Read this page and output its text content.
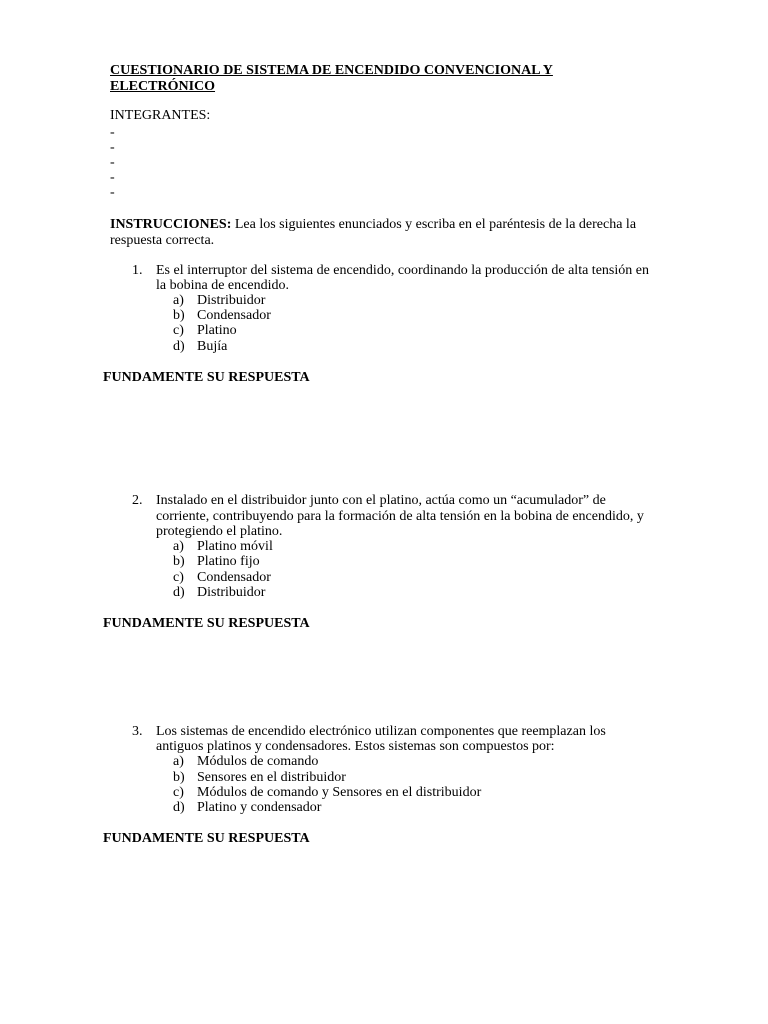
CUESTIONARIO DE SISTEMA DE ENCENDIDO CONVENCIONAL Y
ELECTRÓNICO
INTEGRANTES:
-
-
-
-
-
INSTRUCCIONES: Lea los siguientes enunciados y escriba en el paréntesis de la derecha la
respuesta correcta.
1. Es el interruptor del sistema de encendido, coordinando la producción de alta tensión en
la bobina de encendido.
a) Distribuidor
b) Condensador
c) Platino
d) Bujía
FUNDAMENTE SU RESPUESTA
2. Instalado en el distribuidor junto con el platino, actúa como un “acumulador” de
corriente, contribuyendo para la formación de alta tensión en la bobina de encendido, y
protegiendo el platino.
a) Platino móvil
b) Platino fijo
c) Condensador
d) Distribuidor
FUNDAMENTE SU RESPUESTA
3. Los sistemas de encendido electrónico utilizan componentes que reemplazan los
antiguos platinos y condensadores. Estos sistemas son compuestos por:
a) Módulos de comando
b) Sensores en el distribuidor
c) Módulos de comando y Sensores en el distribuidor
d) Platino y condensador
FUNDAMENTE SU RESPUESTA
